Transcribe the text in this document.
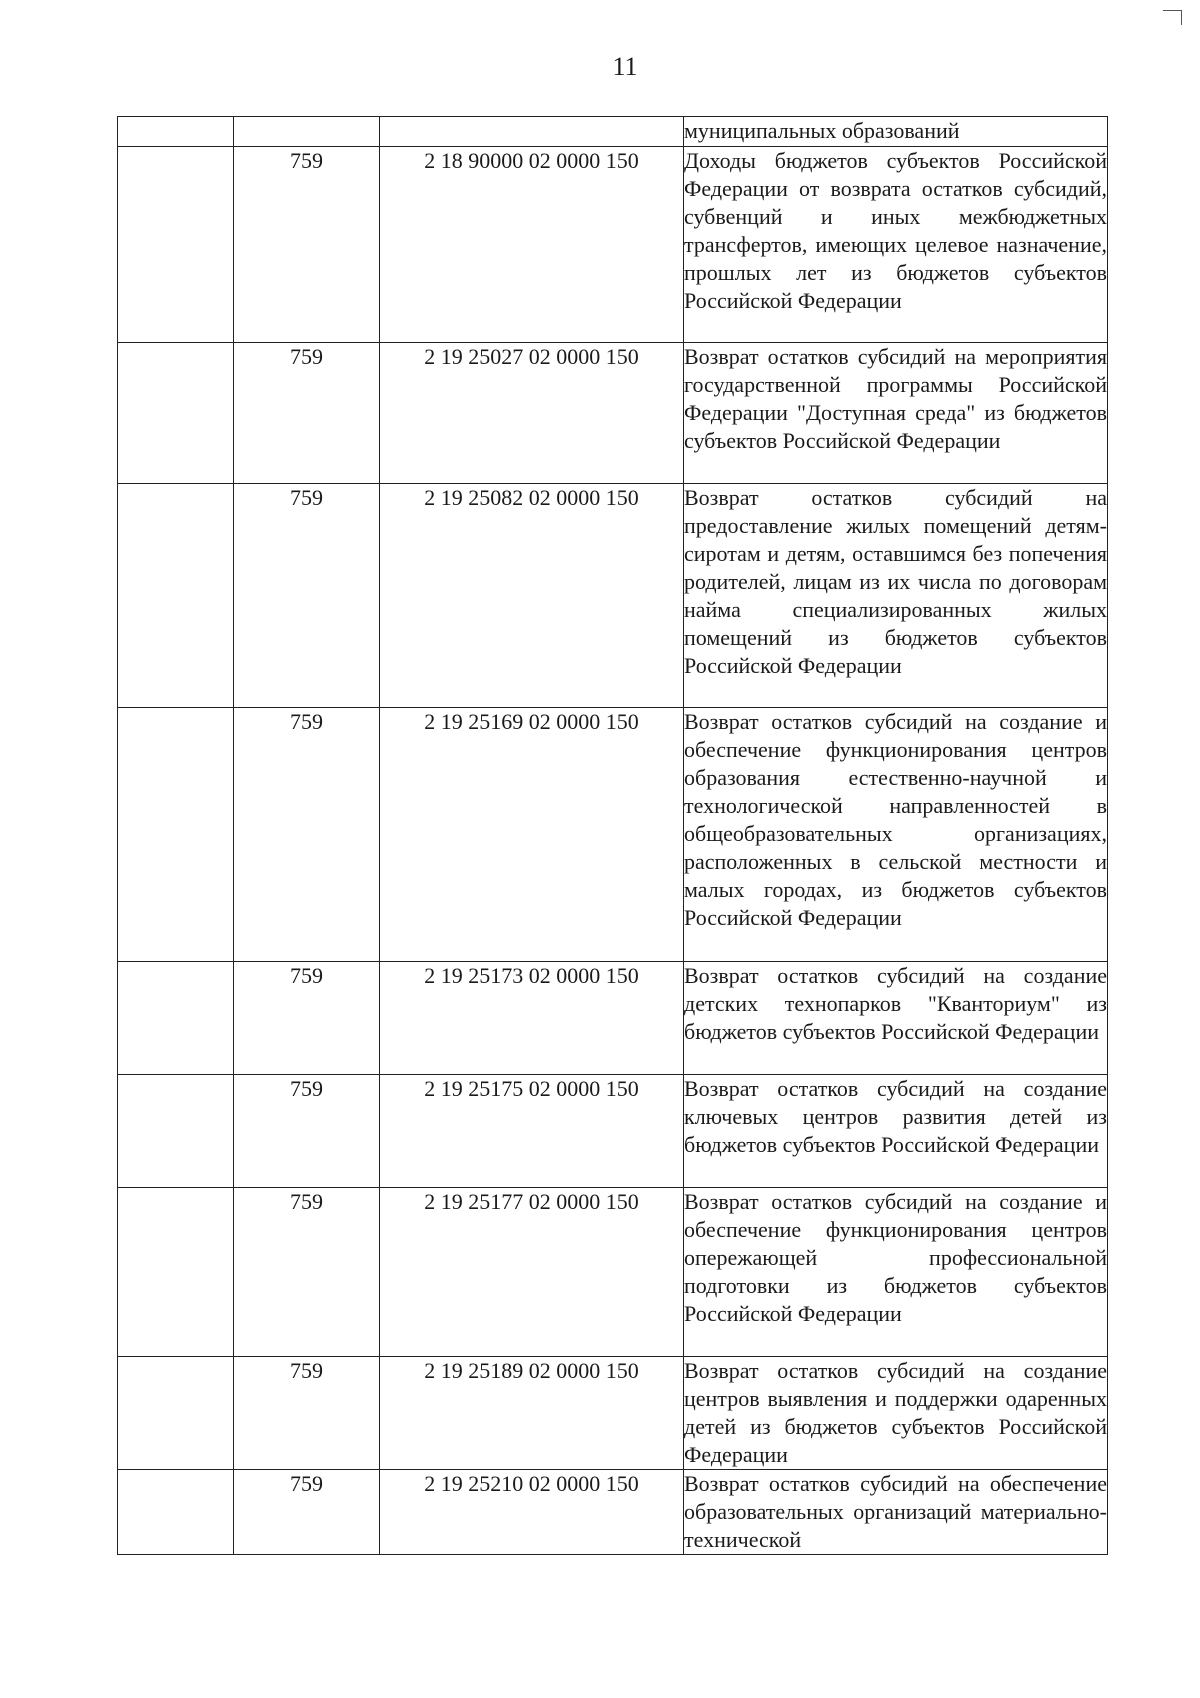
11

			муниципальных образований

	759	2 18 90000 02 0000 150	Доходы бюджетов субъектов Российской Федерации от возврата остатков субсидий, субвенций и иных межбюджетных трансфертов, имеющих целевое назначение, прошлых лет из бюджетов субъектов Российской Федерации

	759	2 19 25027 02 0000 150	Возврат остатков субсидий на мероприятия государственной программы Российской Федерации "Доступная среда" из бюджетов субъектов Российской Федерации

	759	2 19 25082 02 0000 150	Возврат остатков субсидий на предоставление жилых помещений детям-сиротам и детям, оставшимся без попечения родителей, лицам из их числа по договорам найма специализированных жилых помещений из бюджетов субъектов Российской Федерации

	759	2 19 25169 02 0000 150	Возврат остатков субсидий на создание и обеспечение функционирования центров образования естественно-научной и технологической направленностей в общеобразовательных организациях, расположенных в сельской местности и малых городах, из бюджетов субъектов Российской Федерации

	759	2 19 25173 02 0000 150	Возврат остатков субсидий на создание детских технопарков "Кванториум" из бюджетов субъектов Российской Федерации

	759	2 19 25175 02 0000 150	Возврат остатков субсидий на создание ключевых центров развития детей из бюджетов субъектов Российской Федерации

	759	2 19 25177 02 0000 150	Возврат остатков субсидий на создание и обеспечение функционирования центров опережающей профессиональной подготовки из бюджетов субъектов Российской Федерации

	759	2 19 25189 02 0000 150	Возврат остатков субсидий на создание центров выявления и поддержки одаренных детей из бюджетов субъектов Российской Федерации

	759	2 19 25210 02 0000 150	Возврат остатков субсидий на обеспечение образовательных организаций материально-технической
